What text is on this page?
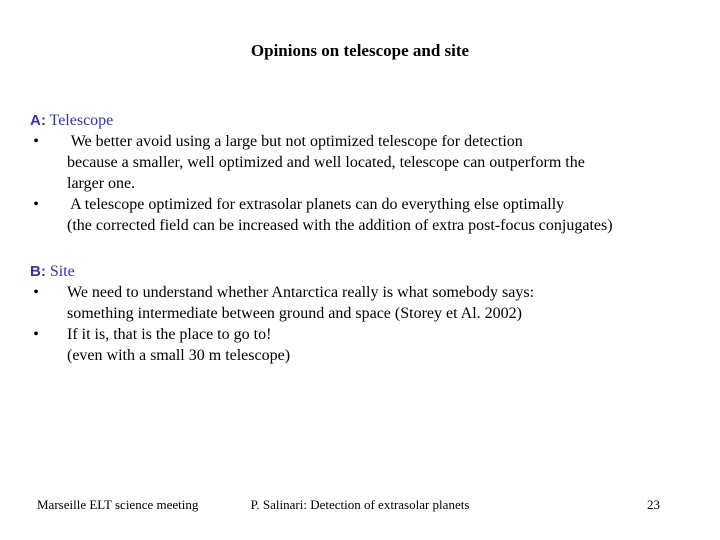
Opinions on telescope and site
A: Telescope
• We better avoid using a large but not optimized telescope for detection
because a smaller, well optimized and well located, telescope can outperform the
larger one.
• A telescope optimized for extrasolar planets can do everything else optimally
(the corrected field can be increased with the addition of extra post-focus conjugates)
B: Site
• We need to understand whether Antarctica really is what somebody says:
something intermediate between ground and space (Storey et Al. 2002)
• If it is, that is the place to go to!
(even with a small 30 m telescope)
Marseille ELT science meeting	P. Salinari: Detection of extrasolar planets	23
